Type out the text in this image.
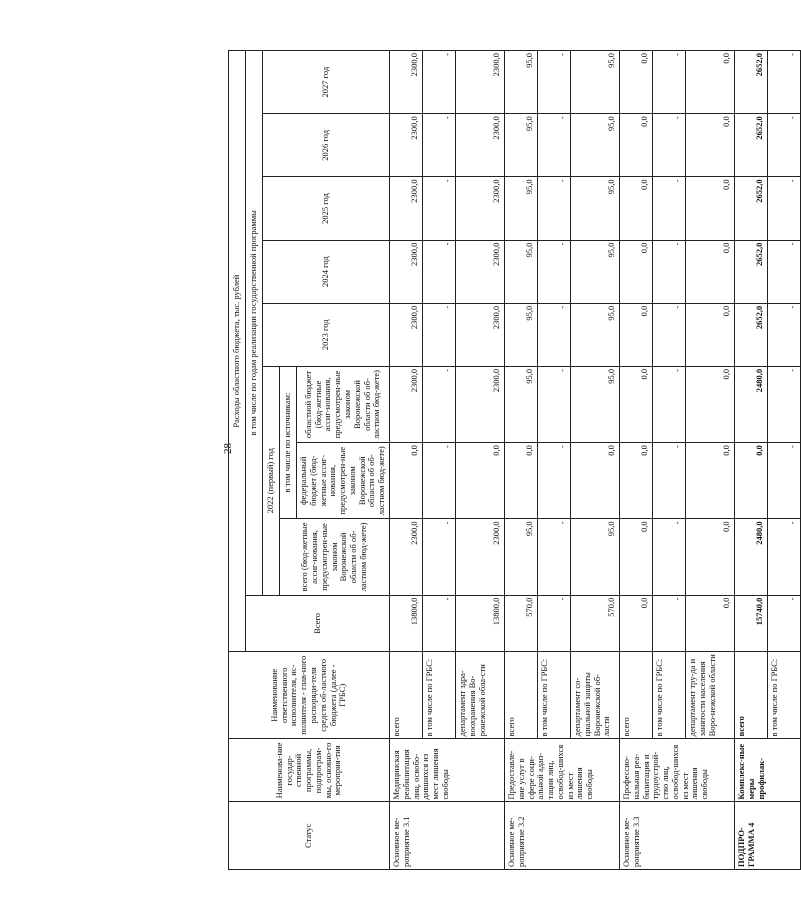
28
Статус	Наименова-ние государ-ственной программы, подпрограм-мы, основно-го мероприя-тия	Наименование ответственного исполнителя, ис-полнителя - глав-ного распоряди-теля средств об-ластного бюджета (далее - ГРБС)	Расходы областного бюджета, тыс. рублей								
			Всего	в том числе по годам реализации государственной программы							
				2022 (первый) год			2023 год	2024 год	2025 год	2026 год	2027 год
				всего (бюд-жетные ассиг-нования, предусмотрен-ные законом Воронежской области об об-ластном бюд-жете)	в том числе по источникам:						
					федеральный бюджет (бюд-жетные ассиг-нования, предусмотрен-ные законом Воронежской области об об-ластном бюд-жете)	областной бюджет (бюд-жетные ассиг-нования, предусмотрен-ные законом Воронежской области об об-ластном бюд-жете)					
Основное ме-роприятие 3.1	Медицинская реабилитация лиц, освобо-дившихся из мест лишения свободы	всего	13800,0	2300,0	0,0	2300,0	2300,0	2300,0	2300,0	2300,0	2300,0
		в том числе по ГРБС:	-	-	-	-	-	-	-	-	-
		департамент здра-воохранения Во-ронежской обла-сти	13800,0	2300,0	0,0	2300,0	2300,0	2300,0	2300,0	2300,0	2300,0
Основное ме-роприятие 3.2	Предоставле-ние услуг в сфере соци-альной адап-тации лиц, освобод-шихся из мест лишения свободы	всего	570,0	95,0	0,0	95,0	95,0	95,0	95,0	95,0	95,0
		в том числе по ГРБС:	-	-	-	-	-	-	-	-	-
		департамент со-циальной защиты Воронежской об-ласти	570,0	95,0	0,0	95,0	95,0	95,0	95,0	95,0	95,0
Основное ме-роприятие 3.3	Профессио-нальная реа-билитация и трудоустрой-ство лиц, освобод-шихся из мест лишения свободы	всего	0,0	0,0	0,0	0,0	0,0	0,0	0,0	0,0	0,0
		в том числе по ГРБС:	-	-	-	-	-	-	-	-	-
		департамент тру-да и занятости населения Воро-нежской области	0,0	0,0	0,0	0,0	0,0	0,0	0,0	0,0	0,0
ПОДПРО-ГРАММА 4	Комплекс-ные меры профилак-	всего	15740,0	2480,0	0,0	2480,0	2652,0	2652,0	2652,0	2652,0	2652,0
		в том числе по ГРБС:	-	-	-	-	-	-	-	-	-
